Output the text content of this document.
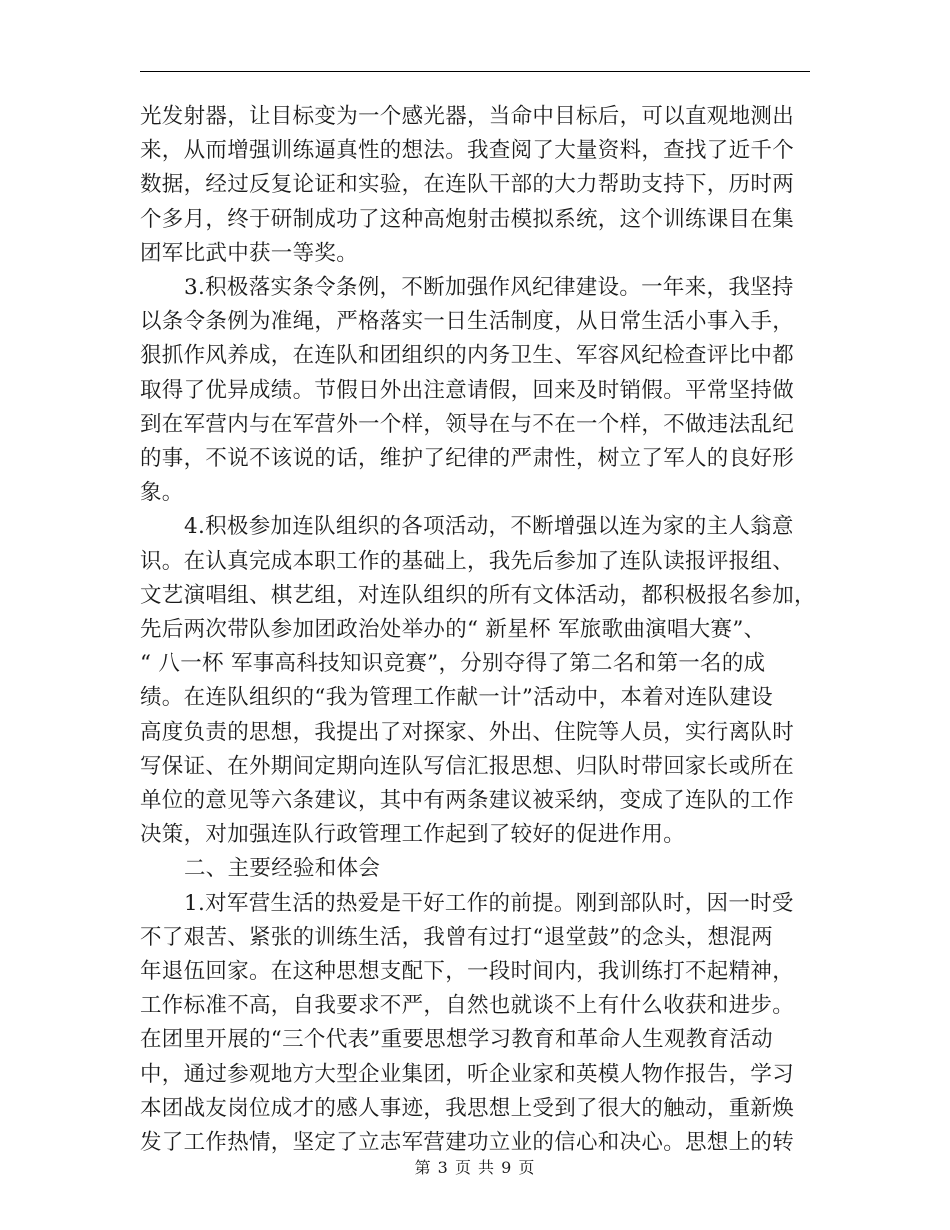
光发射器，让目标变为一个感光器，当命中目标后，可以直观地测出
来，从而增强训练逼真性的想法。我查阅了大量资料，查找了近千个
数据，经过反复论证和实验，在连队干部的大力帮助支持下，历时两
个多月，终于研制成功了这种高炮射击模拟系统，这个训练课目在集
团军比武中获一等奖。

3.积极落实条令条例，不断加强作风纪律建设。一年来，我坚持
以条令条例为准绳，严格落实一日生活制度，从日常生活小事入手，
狠抓作风养成，在连队和团组织的内务卫生、军容风纪检查评比中都
取得了优异成绩。节假日外出注意请假，回来及时销假。平常坚持做
到在军营内与在军营外一个样，领导在与不在一个样，不做违法乱纪
的事，不说不该说的话，维护了纪律的严肃性，树立了军人的良好形
象。

4.积极参加连队组织的各项活动，不断增强以连为家的主人翁意
识。在认真完成本职工作的基础上，我先后参加了连队读报评报组、
文艺演唱组、棋艺组，对连队组织的所有文体活动，都积极报名参加，
先后两次带队参加团政治处举办的“ 新星杯 军旅歌曲演唱大赛”、
“ 八一杯 军事高科技知识竞赛”，分别夺得了第二名和第一名的成
绩。在连队组织的“我为管理工作献一计”活动中，本着对连队建设
高度负责的思想，我提出了对探家、外出、住院等人员，实行离队时
写保证、在外期间定期向连队写信汇报思想、归队时带回家长或所在
单位的意见等六条建议，其中有两条建议被采纳，变成了连队的工作
决策，对加强连队行政管理工作起到了较好的促进作用。

二、主要经验和体会

1.对军营生活的热爱是干好工作的前提。刚到部队时，因一时受
不了艰苦、紧张的训练生活，我曾有过打“退堂鼓”的念头，想混两
年退伍回家。在这种思想支配下，一段时间内，我训练打不起精神，
工作标准不高，自我要求不严，自然也就谈不上有什么收获和进步。
在团里开展的“三个代表”重要思想学习教育和革命人生观教育活动
中，通过参观地方大型企业集团，听企业家和英模人物作报告，学习
本团战友岗位成才的感人事迹，我思想上受到了很大的触动，重新焕
发了工作热情，坚定了立志军营建功立业的信心和决心。思想上的转

第 3 页 共 9 页
